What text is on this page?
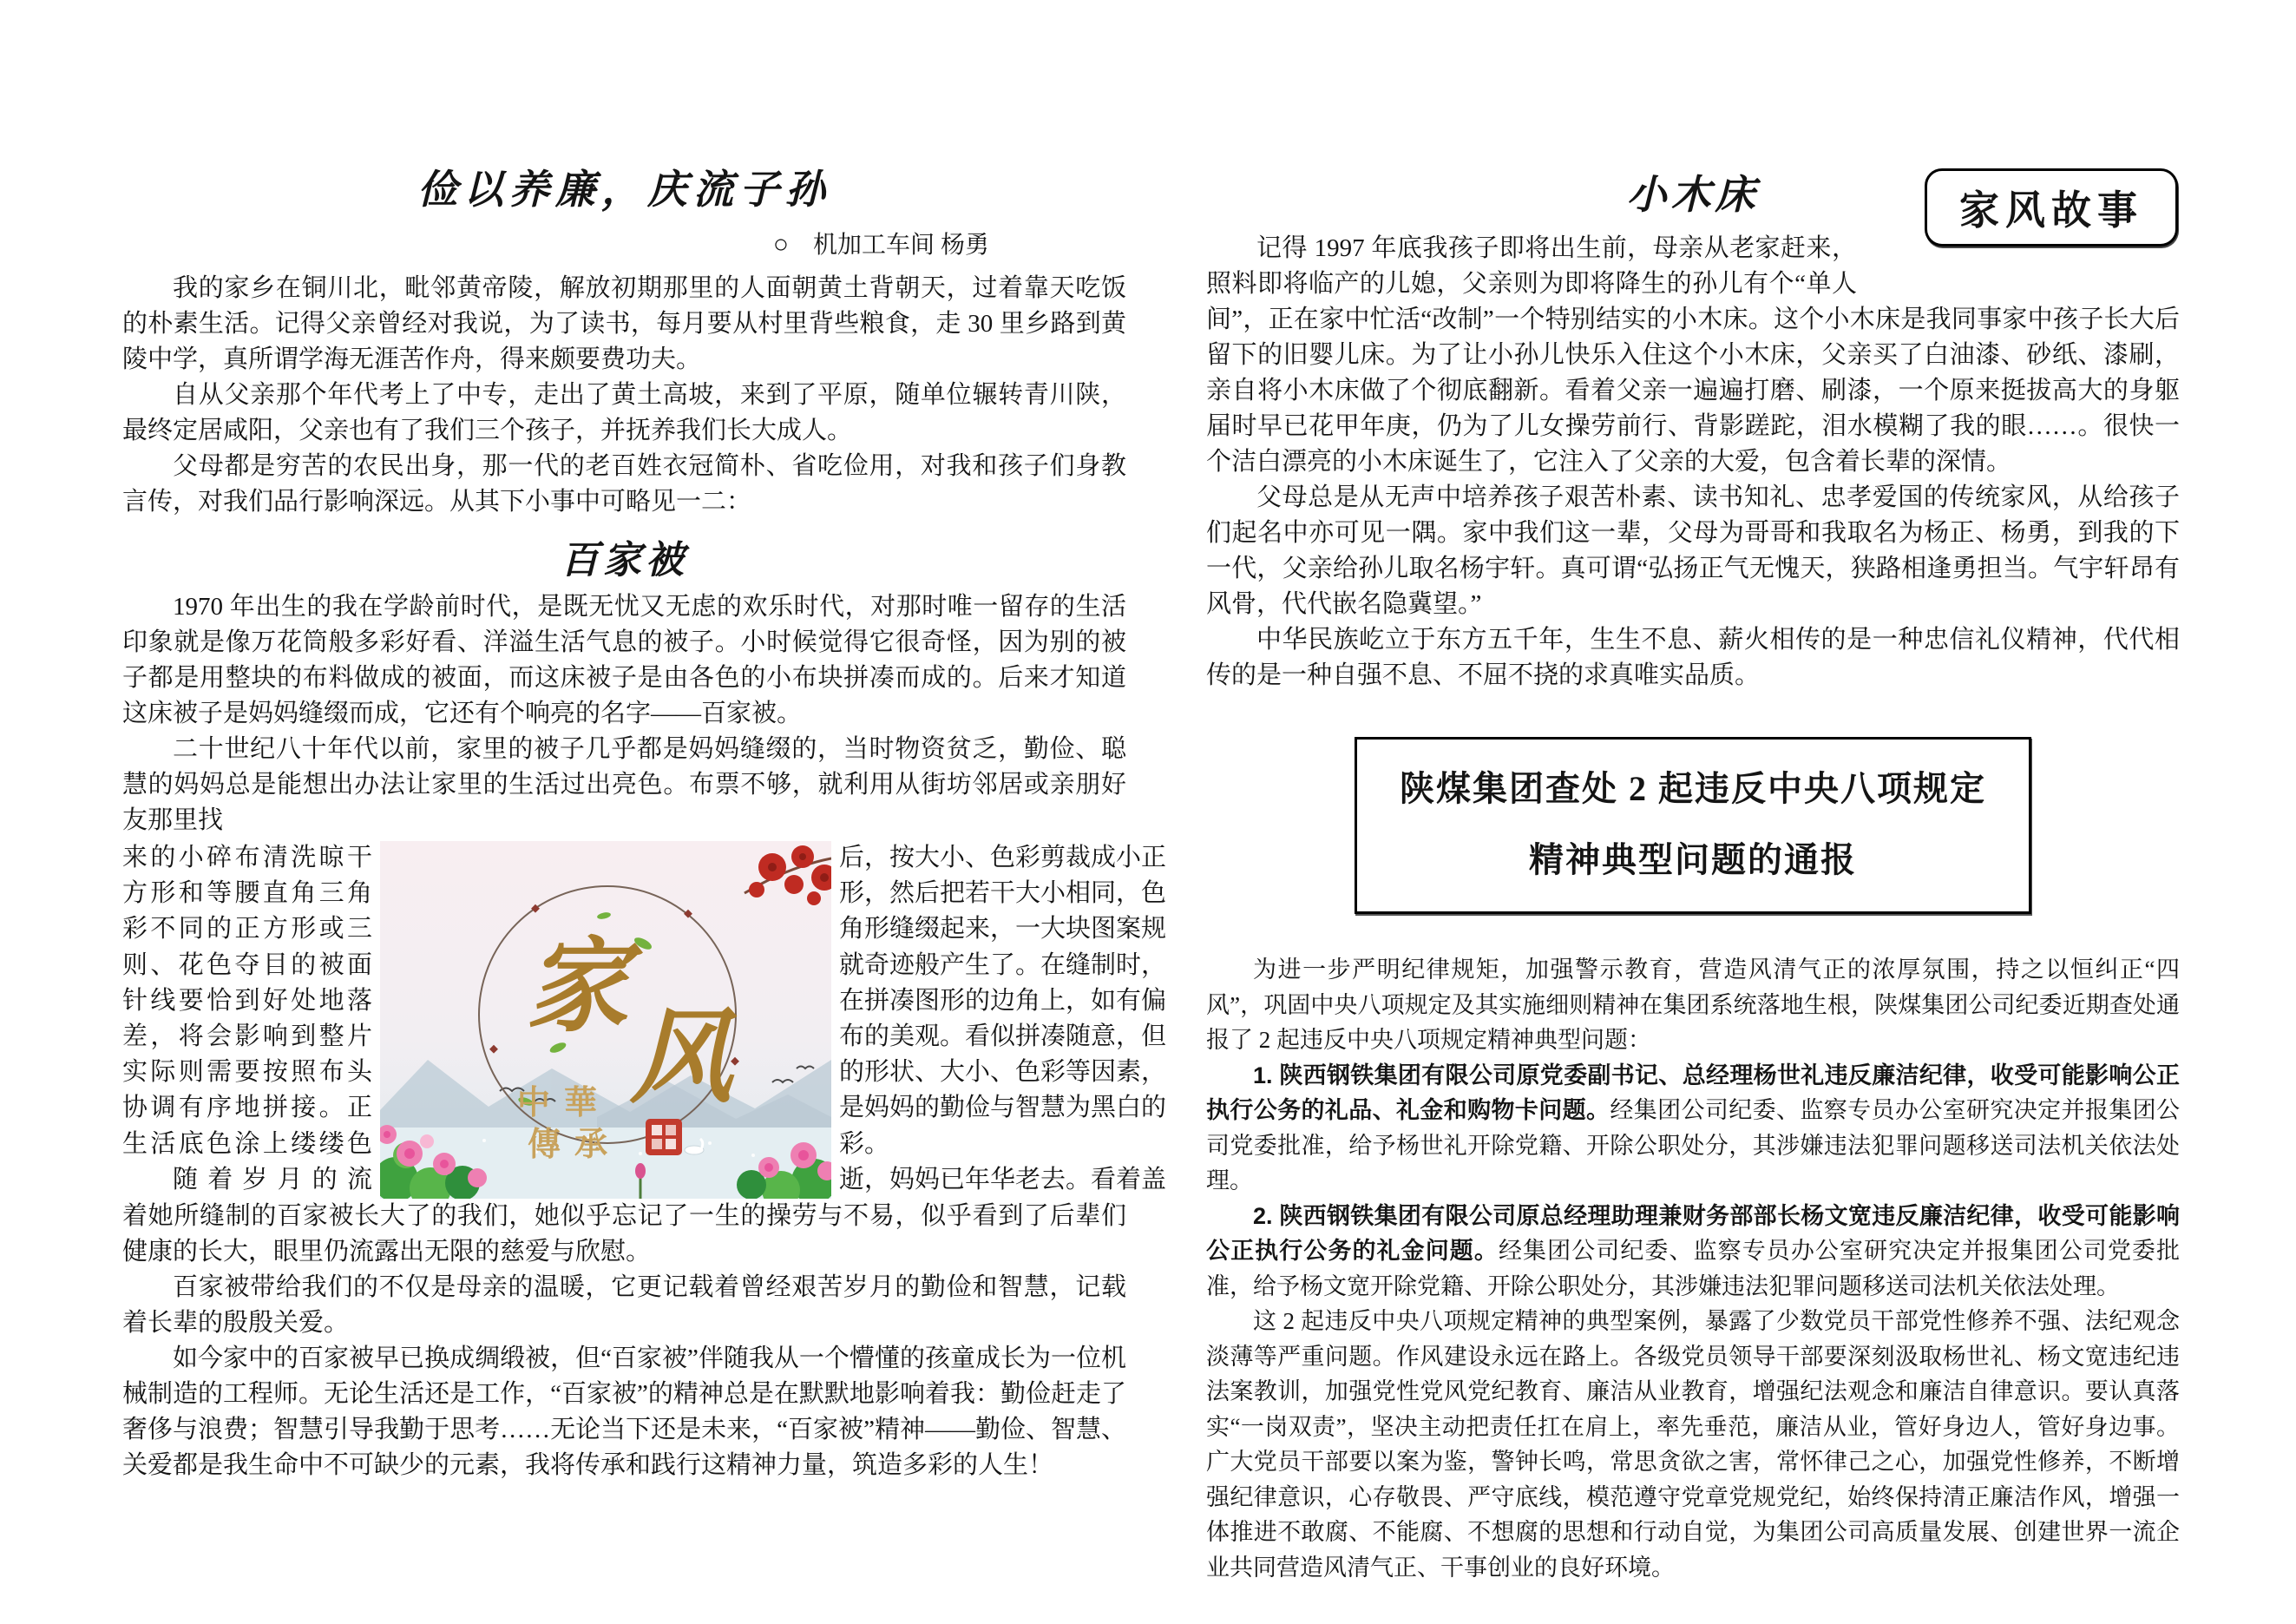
俭以养廉，庆流子孙
○ 机加工车间 杨勇

我的家乡在铜川北，毗邻黄帝陵，解放初期那里的人面朝黄土背朝天，过着靠天吃饭的朴素生活。记得父亲曾经对我说，为了读书，每月要从村里背些粮食，走 30 里乡路到黄陵中学，真所谓学海无涯苦作舟，得来颇要费功夫。

自从父亲那个年代考上了中专，走出了黄土高坡，来到了平原，随单位辗转青川陕，最终定居咸阳，父亲也有了我们三个孩子，并抚养我们长大成人。

父母都是穷苦的农民出身，那一代的老百姓衣冠简朴、省吃俭用，对我和孩子们身教言传，对我们品行影响深远。从其下小事中可略见一二：

百家被

1970 年出生的我在学龄前时代，是既无忧又无虑的欢乐时代，对那时唯一留存的生活印象就是像万花筒般多彩好看、洋溢生活气息的被子。小时候觉得它很奇怪，因为别的被子都是用整块的布料做成的被面，而这床被子是由各色的小布块拼凑而成的。后来才知道这床被子是妈妈缝缀而成，它还有个响亮的名字——百家被。

二十世纪八十年代以前，家里的被子几乎都是妈妈缝缀的，当时物资贫乏，勤俭、聪慧的妈妈总是能想出办法让家里的生活过出亮色。布票不够，就利用从街坊邻居或亲朋好友那里找

来的小碎布清洗晾干
方形和等腰直角三角
彩不同的正方形或三
则、花色夺目的被面
针线要恰到好处地落
差，将会影响到整片
实际则需要按照布头
协调有序地拼接。正
生活底色涂上缕缕色
随着岁月的流
家
风
中華
傳承
后，按大小、色彩剪裁成小正
形，然后把若干大小相同，色
角形缝缀起来，一大块图案规
就奇迹般产生了。在缝制时，
在拼凑图形的边角上，如有偏
布的美观。看似拼凑随意，但
的形状、大小、色彩等因素，
是妈妈的勤俭与智慧为黑白的
彩。
逝，妈妈已年华老去。看着盖

着她所缝制的百家被长大了的我们，她似乎忘记了一生的操劳与不易，似乎看到了后辈们健康的长大，眼里仍流露出无限的慈爱与欣慰。

百家被带给我们的不仅是母亲的温暖，它更记载着曾经艰苦岁月的勤俭和智慧，记载着长辈的殷殷关爱。

如今家中的百家被早已换成绸缎被，但“百家被”伴随我从一个懵懂的孩童成长为一位机械制造的工程师。无论生活还是工作，“百家被”的精神总是在默默地影响着我：勤俭赶走了奢侈与浪费；智慧引导我勤于思考……无论当下还是未来，“百家被”精神——勤俭、智慧、关爱都是我生命中不可缺少的元素，我将传承和践行这精神力量，筑造多彩的人生！

家风故事
小木床

记得 1997 年底我孩子即将出生前，母亲从老家赶来，照料即将临产的儿媳，父亲则为即将降生的孙儿有个“单人间”，正在家中忙活“改制”一个特别结实的小木床。这个小木床是我同事家中孩子长大后留下的旧婴儿床。为了让小孙儿快乐入住这个小木床，父亲买了白油漆、砂纸、漆刷，亲自将小木床做了个彻底翻新。看着父亲一遍遍打磨、刷漆，一个原来挺拔高大的身躯届时早已花甲年庚，仍为了儿女操劳前行、背影蹉跎，泪水模糊了我的眼……。很快一个洁白漂亮的小木床诞生了，它注入了父亲的大爱，包含着长辈的深情。

父母总是从无声中培养孩子艰苦朴素、读书知礼、忠孝爱国的传统家风，从给孩子们起名中亦可见一隅。家中我们这一辈，父母为哥哥和我取名为杨正、杨勇，到我的下一代，父亲给孙儿取名杨宇轩。真可谓“弘扬正气无愧天，狭路相逢勇担当。气宇轩昂有风骨，代代嵌名隐冀望。”

中华民族屹立于东方五千年，生生不息、薪火相传的是一种忠信礼仪精神，代代相传的是一种自强不息、不屈不挠的求真唯实品质。

陕煤集团查处 2 起违反中央八项规定
精神典型问题的通报

为进一步严明纪律规矩，加强警示教育，营造风清气正的浓厚氛围，持之以恒纠正“四风”，巩固中央八项规定及其实施细则精神在集团系统落地生根，陕煤集团公司纪委近期查处通报了 2 起违反中央八项规定精神典型问题：

1. 陕西钢铁集团有限公司原党委副书记、总经理杨世礼违反廉洁纪律，收受可能影响公正执行公务的礼品、礼金和购物卡问题。经集团公司纪委、监察专员办公室研究决定并报集团公司党委批准，给予杨世礼开除党籍、开除公职处分，其涉嫌违法犯罪问题移送司法机关依法处理。

2. 陕西钢铁集团有限公司原总经理助理兼财务部部长杨文宽违反廉洁纪律，收受可能影响公正执行公务的礼金问题。经集团公司纪委、监察专员办公室研究决定并报集团公司党委批准，给予杨文宽开除党籍、开除公职处分，其涉嫌违法犯罪问题移送司法机关依法处理。

这 2 起违反中央八项规定精神的典型案例，暴露了少数党员干部党性修养不强、法纪观念淡薄等严重问题。作风建设永远在路上。各级党员领导干部要深刻汲取杨世礼、杨文宽违纪违法案教训，加强党性党风党纪教育、廉洁从业教育，增强纪法观念和廉洁自律意识。要认真落实“一岗双责”，坚决主动把责任扛在肩上，率先垂范，廉洁从业，管好身边人，管好身边事。广大党员干部要以案为鉴，警钟长鸣，常思贪欲之害，常怀律己之心，加强党性修养，不断增强纪律意识，心存敬畏、严守底线，模范遵守党章党规党纪，始终保持清正廉洁作风，增强一体推进不敢腐、不能腐、不想腐的思想和行动自觉，为集团公司高质量发展、创建世界一流企业共同营造风清气正、干事创业的良好环境。
